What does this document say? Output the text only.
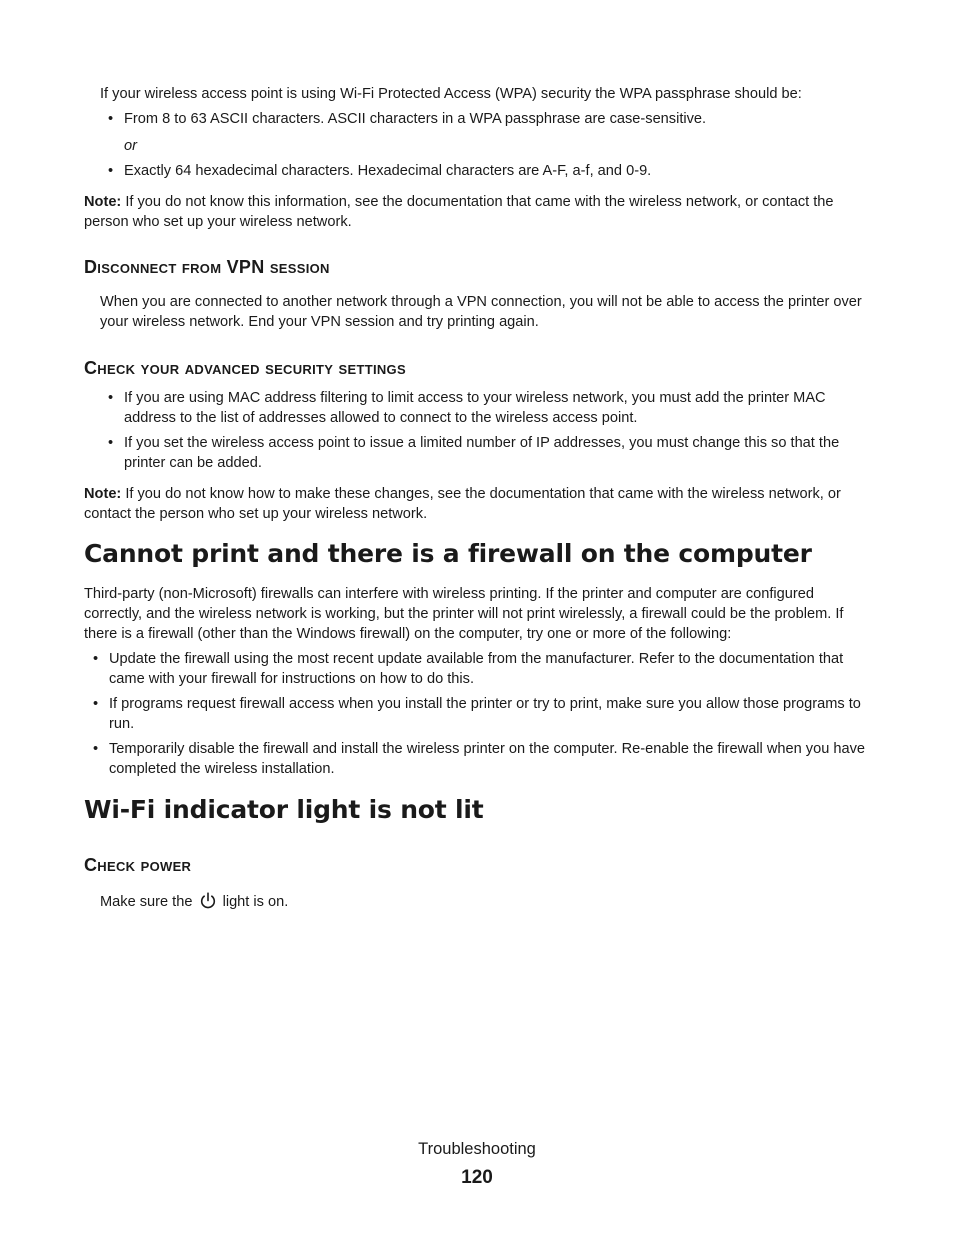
If your wireless access point is using Wi-Fi Protected Access (WPA) security the WPA passphrase should be:

• From 8 to 63 ASCII characters. ASCII characters in a WPA passphrase are case-sensitive.

or

• Exactly 64 hexadecimal characters. Hexadecimal characters are A-F, a-f, and 0-9.

Note: If you do not know this information, see the documentation that came with the wireless network, or contact the person who set up your wireless network.

Disconnect from VPN session

When you are connected to another network through a VPN connection, you will not be able to access the printer over your wireless network. End your VPN session and try printing again.

Check your advanced security settings
• If you are using MAC address filtering to limit access to your wireless network, you must add the printer MAC address to the list of addresses allowed to connect to the wireless access point.
• If you set the wireless access point to issue a limited number of IP addresses, you must change this so that the printer can be added.

Note: If you do not know how to make these changes, see the documentation that came with the wireless network, or contact the person who set up your wireless network.

Cannot print and there is a firewall on the computer

Third-party (non-Microsoft) firewalls can interfere with wireless printing. If the printer and computer are configured correctly, and the wireless network is working, but the printer will not print wirelessly, a firewall could be the problem. If there is a firewall (other than the Windows firewall) on the computer, try one or more of the following:

• Update the firewall using the most recent update available from the manufacturer. Refer to the documentation that came with your firewall for instructions on how to do this.
• If programs request firewall access when you install the printer or try to print, make sure you allow those programs to run.
• Temporarily disable the firewall and install the wireless printer on the computer. Re-enable the firewall when you have completed the wireless installation.
Wi-Fi indicator light is not lit
Check power

Make sure the  light is on.

Troubleshooting
120
